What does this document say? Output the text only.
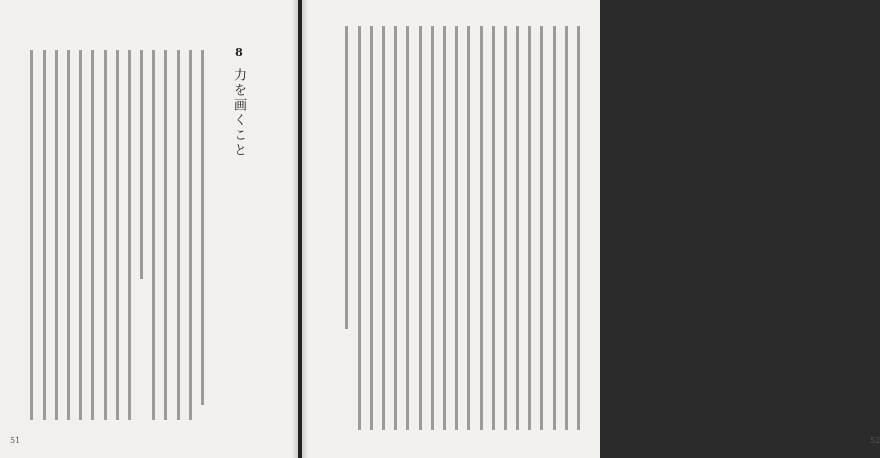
8
力を画くこと
51	52
